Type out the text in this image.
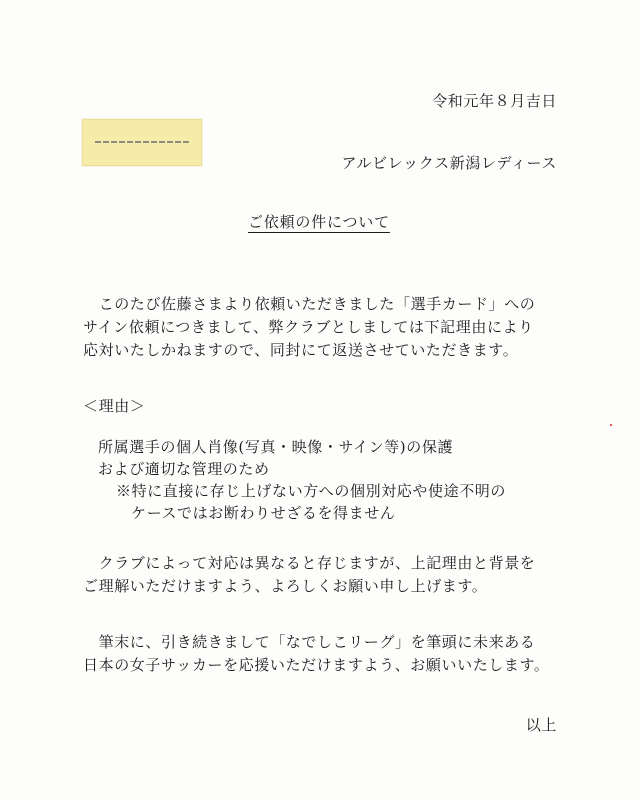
令和元年８月吉日
アルビレックス新潟レディース
ご依頼の件について
　このたび佐藤さまより依頼いただきました「選手カード」への
サイン依頼につきまして、弊クラブとしましては下記理由により
応対いたしかねますので、同封にて返送させていただきます。
＜理由＞
所属選手の個人肖像(写真・映像・サイン等)の保護
および適切な管理のため
※特に直接に存じ上げない方への個別対応や使途不明の
ケースではお断わりせざるを得ません
　クラブによって対応は異なると存じますが、上記理由と背景を
ご理解いただけますよう、よろしくお願い申し上げます。
　筆末に、引き続きまして「なでしこリーグ」を筆頭に未来ある
日本の女子サッカーを応援いただけますよう、お願いいたします。
以上
